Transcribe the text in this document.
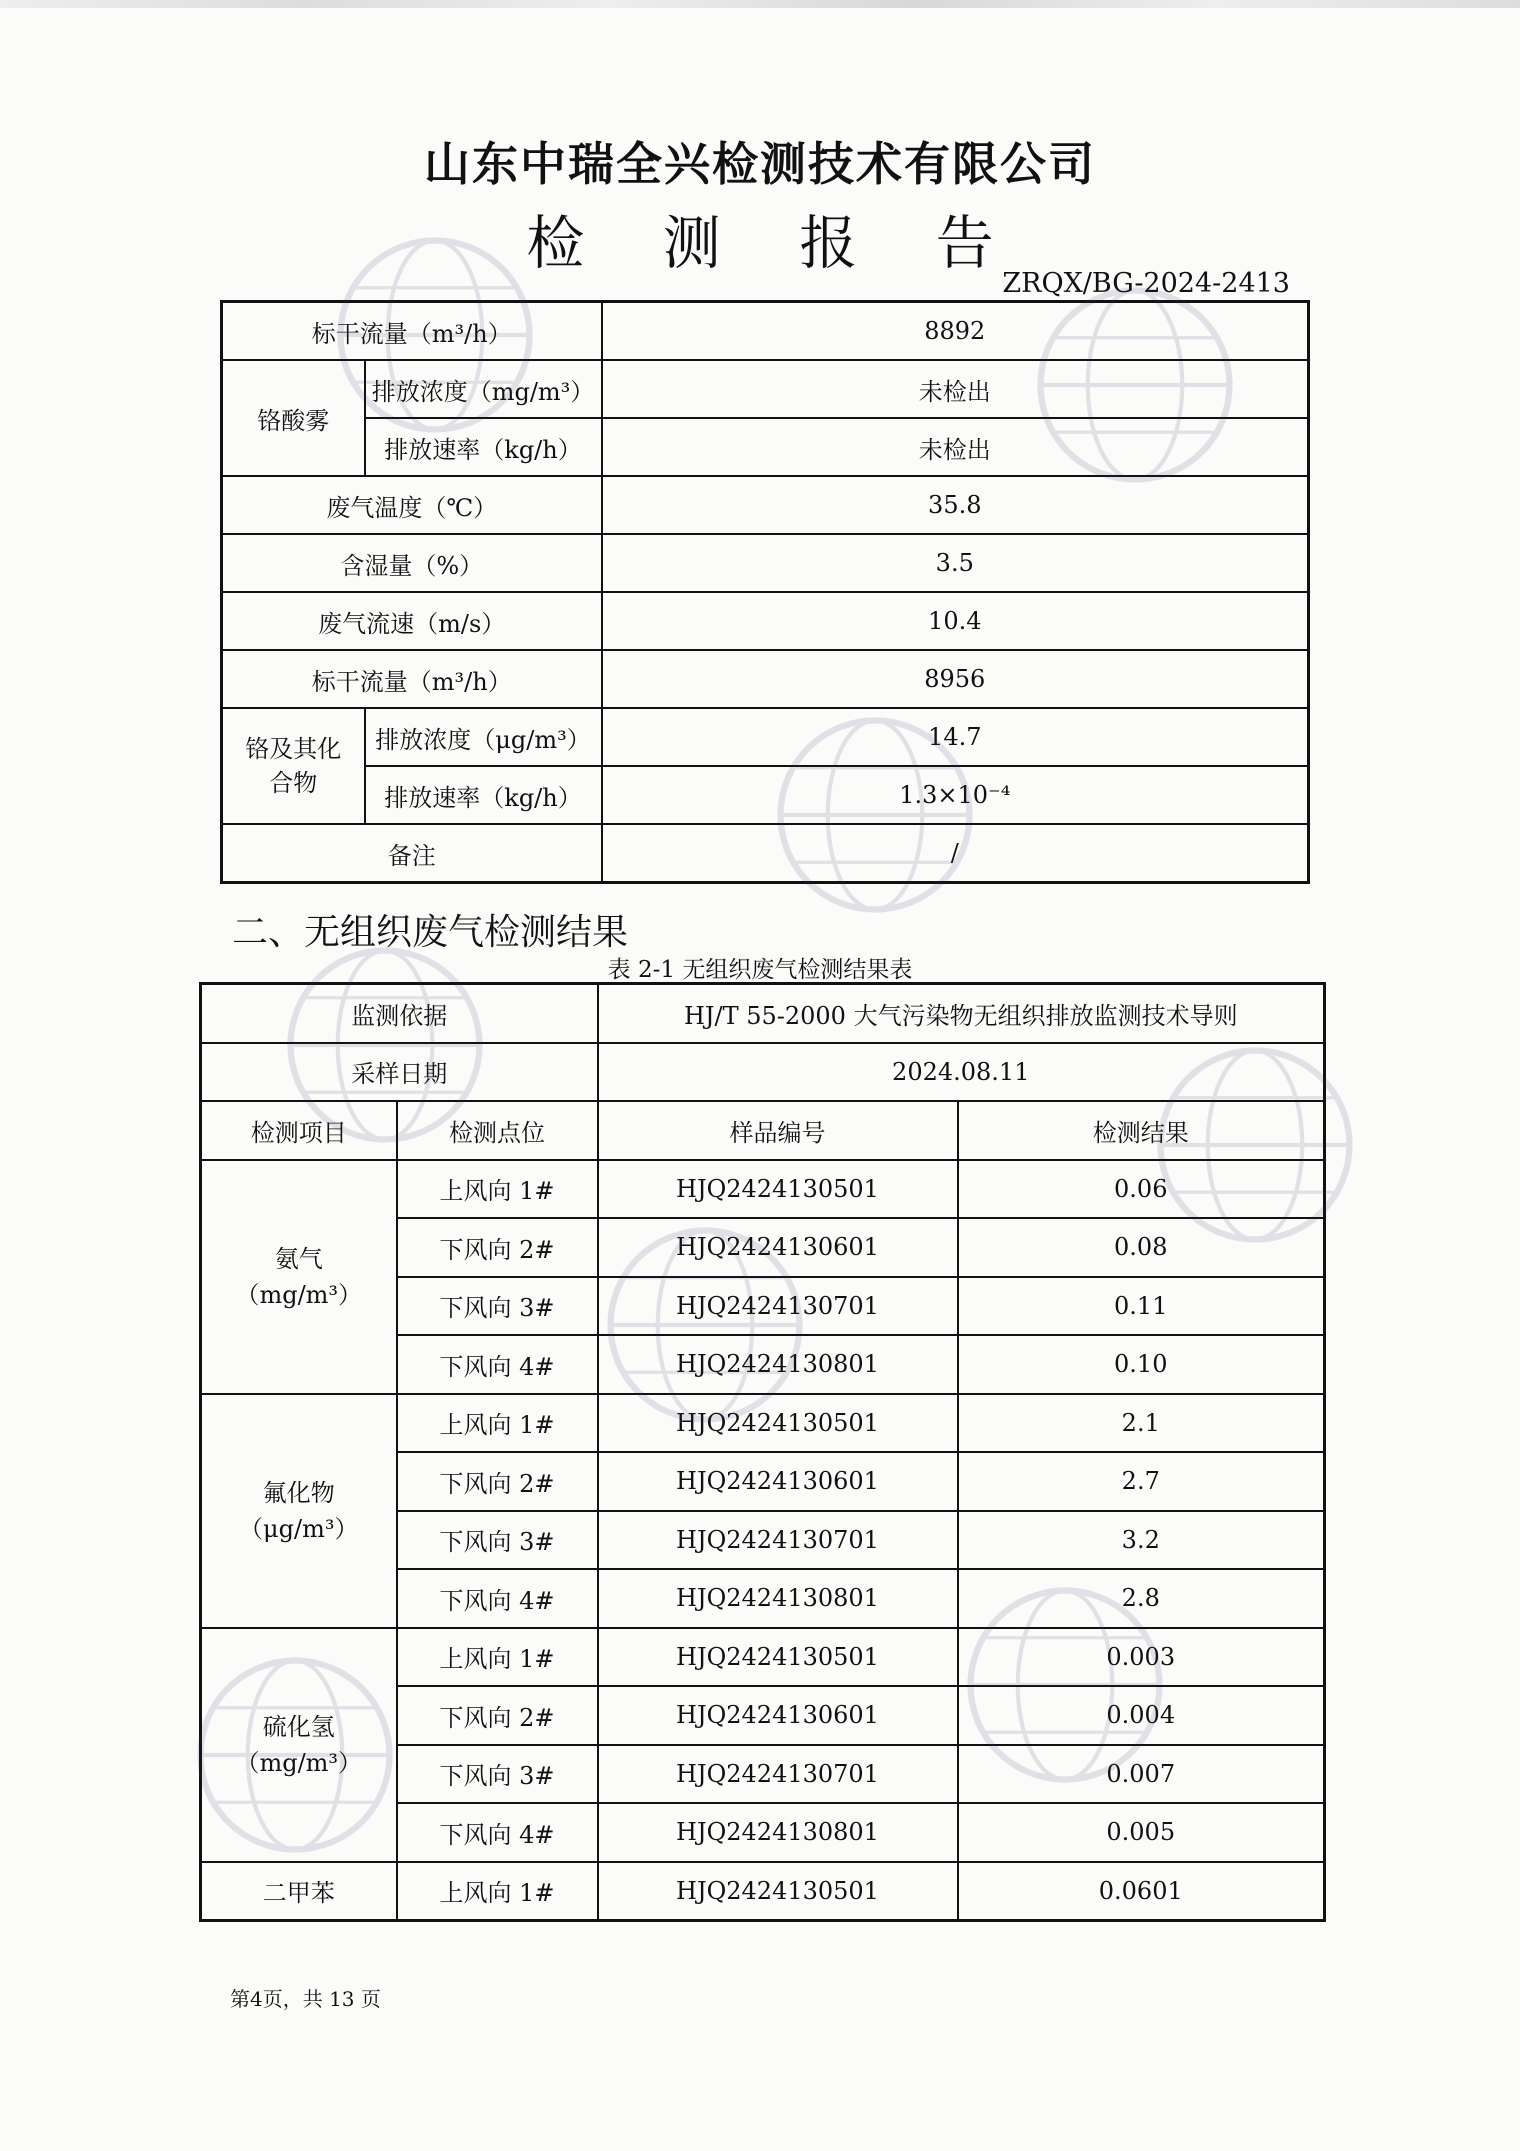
山东中瑞全兴检测技术有限公司
检 测 报 告
ZRQX/BG-2024-2413
标干流量（m³/h）		8892
铬酸雾	排放浓度（mg/m³）	未检出
	排放速率（kg/h）	未检出
废气温度（℃）		35.8
含湿量（%）		3.5
废气流速（m/s）		10.4
标干流量（m³/h）		8956
铬及其化合物	排放浓度（μg/m³）	14.7
	排放速率（kg/h）	1.3×10⁻⁴
备注		/
二、无组织废气检测结果
表 2-1 无组织废气检测结果表
监测依据		HJ/T 55-2000 大气污染物无组织排放监测技术导则	
采样日期		2024.08.11	
检测项目	检测点位	样品编号	检测结果

氨气
（mg/m³）	上风向 1#	HJQ2424130501	0.06
	下风向 2#	HJQ2424130601	0.08
	下风向 3#	HJQ2424130701	0.11
	下风向 4#	HJQ2424130801	0.10

氟化物
（μg/m³）	上风向 1#	HJQ2424130501	2.1
	下风向 2#	HJQ2424130601	2.7
	下风向 3#	HJQ2424130701	3.2
	下风向 4#	HJQ2424130801	2.8

硫化氢
（mg/m³）	上风向 1#	HJQ2424130501	0.003
	下风向 2#	HJQ2424130601	0.004
	下风向 3#	HJQ2424130701	0.007
	下风向 4#	HJQ2424130801	0.005
二甲苯	上风向 1#	HJQ2424130501	0.0601
第4页，共 13 页
